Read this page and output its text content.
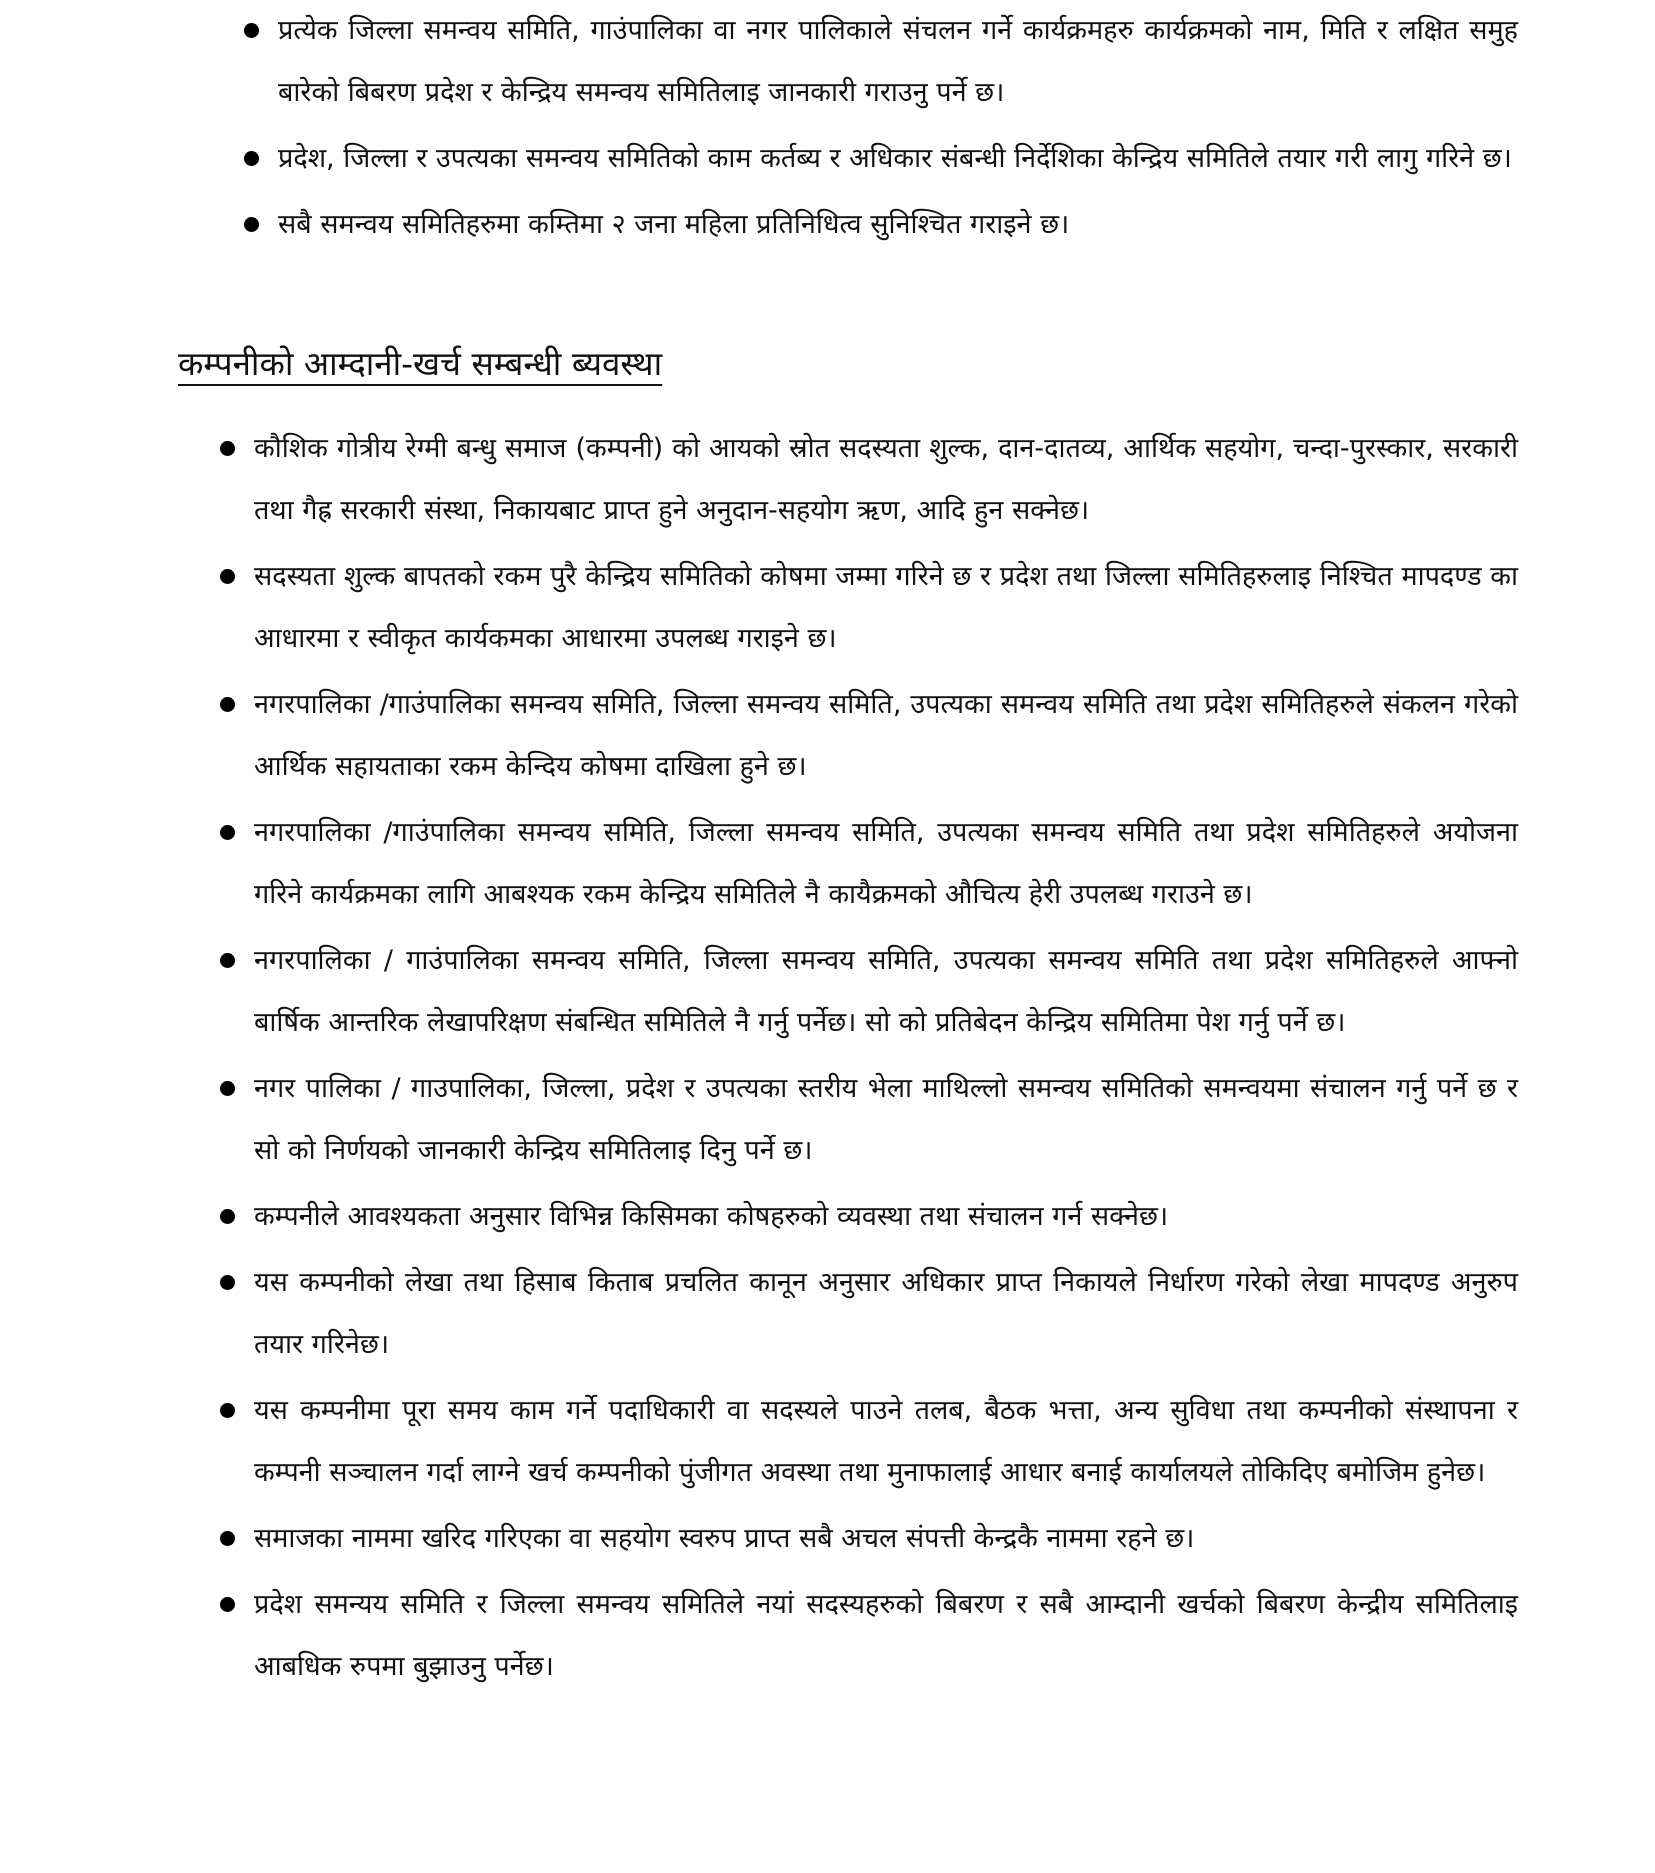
प्रत्येक जिल्ला समन्वय समिति, गाउंपालिका वा नगर पालिकाले संचलन गर्ने कार्यक्रमहरु कार्यक्रमको नाम, मिति र लक्षित समुह बारेको बिबरण प्रदेश र केन्द्रिय समन्वय समितिलाइ जानकारी गराउनु पर्ने छ।
प्रदेश, जिल्ला र उपत्यका समन्वय समितिको काम कर्तब्य र अधिकार संबन्धी निर्देशिका केन्द्रिय समितिले तयार गरी लागु गरिने छ।
सबै समन्वय समितिहरुमा कम्तिमा २ जना महिला प्रतिनिधित्व सुनिश्चित गराइने छ।
कम्पनीको आम्दानी-खर्च सम्बन्धी ब्यवस्था
कौशिक गोत्रीय रेग्मी बन्धु समाज (कम्पनी) को आयको स्रोत सदस्यता शुल्क, दान-दातव्य, आर्थिक सहयोग, चन्दा-पुरस्कार, सरकारी तथा गैह्र सरकारी संस्था, निकायबाट प्राप्त हुने अनुदान-सहयोग ऋण, आदि हुन सक्नेछ।
सदस्यता शुल्क बापतको रकम पुरै केन्द्रिय समितिको कोषमा जम्मा गरिने छ र प्रदेश तथा जिल्ला समितिहरुलाइ निश्चित मापदण्ड का आधारमा र स्वीकृत कार्यकमका आधारमा उपलब्ध गराइने छ।
नगरपालिका /गाउंपालिका समन्वय समिति, जिल्ला समन्वय समिति, उपत्यका समन्वय समिति तथा प्रदेश समितिहरुले संकलन गरेको आर्थिक सहायताका रकम केन्दिय कोषमा दाखिला हुने छ।
नगरपालिका /गाउंपालिका समन्वय समिति, जिल्ला समन्वय समिति, उपत्यका समन्वय समिति तथा प्रदेश समितिहरुले अयोजना गरिने कार्यक्रमका लागि आबश्यक रकम केन्द्रिय समितिले नै कायैक्रमको औचित्य हेरी उपलब्ध गराउने छ।
नगरपालिका / गाउंपालिका समन्वय समिति, जिल्ला समन्वय समिति, उपत्यका समन्वय समिति तथा प्रदेश समितिहरुले आफ्नो बार्षिक आन्तरिक लेखापरिक्षण संबन्धित समितिले नै गर्नु पर्नेछ। सो को प्रतिबेदन केन्द्रिय समितिमा पेश गर्नु पर्ने छ।
नगर पालिका / गाउपालिका, जिल्ला, प्रदेश र उपत्यका स्तरीय भेला माथिल्लो समन्वय समितिको समन्वयमा संचालन गर्नु पर्ने छ र सो को निर्णयको जानकारी केन्द्रिय समितिलाइ दिनु पर्ने छ।
कम्पनीले आवश्यकता अनुसार विभिन्न किसिमका कोषहरुको व्यवस्था तथा संचालन गर्न सक्नेछ।
यस कम्पनीको लेखा तथा हिसाब किताब प्रचलित कानून अनुसार अधिकार प्राप्त निकायले निर्धारण गरेको लेखा मापदण्ड अनुरुप तयार गरिनेछ।
यस कम्पनीमा पूरा समय काम गर्ने पदाधिकारी वा सदस्यले पाउने तलब, बैठक भत्ता, अन्य सुविधा तथा कम्पनीको संस्थापना र कम्पनी सञ्चालन गर्दा लाग्ने खर्च कम्पनीको पुंजीगत अवस्था तथा मुनाफालाई आधार बनाई कार्यालयले तोकिदिए बमोजिम हुनेछ।
समाजका नाममा खरिद गरिएका वा सहयोग स्वरुप प्राप्त सबै अचल संपत्ती केन्द्रकै नाममा रहने छ।
प्रदेश समन्यय समिति र जिल्ला समन्वय समितिले नयां सदस्यहरुको बिबरण र सबै आम्दानी खर्चको बिबरण केन्द्रीय समितिलाइ आबधिक रुपमा बुझाउनु पर्नेछ।
